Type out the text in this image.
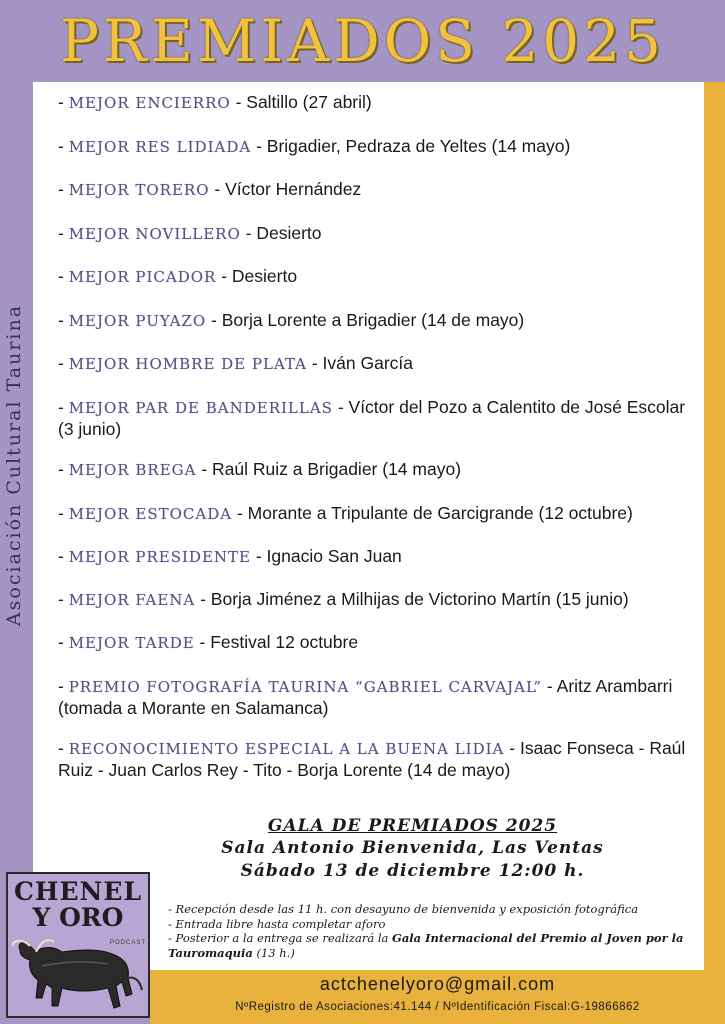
PREMIADOS 2025
Asociación Cultural Taurina
- MEJOR ENCIERRO - Saltillo (27 abril)
- MEJOR RES LIDIADA - Brigadier, Pedraza de Yeltes (14 mayo)
- MEJOR TORERO - Víctor Hernández
- MEJOR NOVILLERO - Desierto
- MEJOR PICADOR - Desierto
- MEJOR PUYAZO - Borja Lorente a Brigadier (14 de mayo)
- MEJOR HOMBRE DE PLATA - Iván García
- MEJOR PAR DE BANDERILLAS - Víctor del Pozo a Calentito de José Escolar (3 junio)
- MEJOR BREGA - Raúl Ruiz a Brigadier (14 mayo)
- MEJOR ESTOCADA - Morante a Tripulante de Garcigrande (12 octubre)
- MEJOR PRESIDENTE - Ignacio San Juan
- MEJOR FAENA - Borja Jiménez a Milhijas de Victorino Martín (15 junio)
- MEJOR TARDE - Festival 12 octubre
- PREMIO FOTOGRAFÍA TAURINA “GABRIEL CARVAJAL” - Aritz Arambarri (tomada a Morante en Salamanca)
- RECONOCIMIENTO ESPECIAL A LA BUENA LIDIA - Isaac Fonseca - Raúl Ruiz - Juan Carlos Rey - Tito - Borja Lorente (14 de mayo)
GALA DE PREMIADOS 2025
Sala Antonio Bienvenida, Las Ventas
Sábado 13 de diciembre 12:00 h.
- Recepción desde las 11 h. con desayuno de bienvenida y exposición fotográfica
- Entrada libre hasta completar aforo
- Posterior a la entrega se realizará la Gala Internacional del Premio al Joven por la Tauromaquia (13 h.)
actchenelyoro@gmail.com
NºRegistro de Asociaciones:41.144 / NºIdentificación Fiscal:G-19866862
CHENEL
Y ORO
PODCAST
